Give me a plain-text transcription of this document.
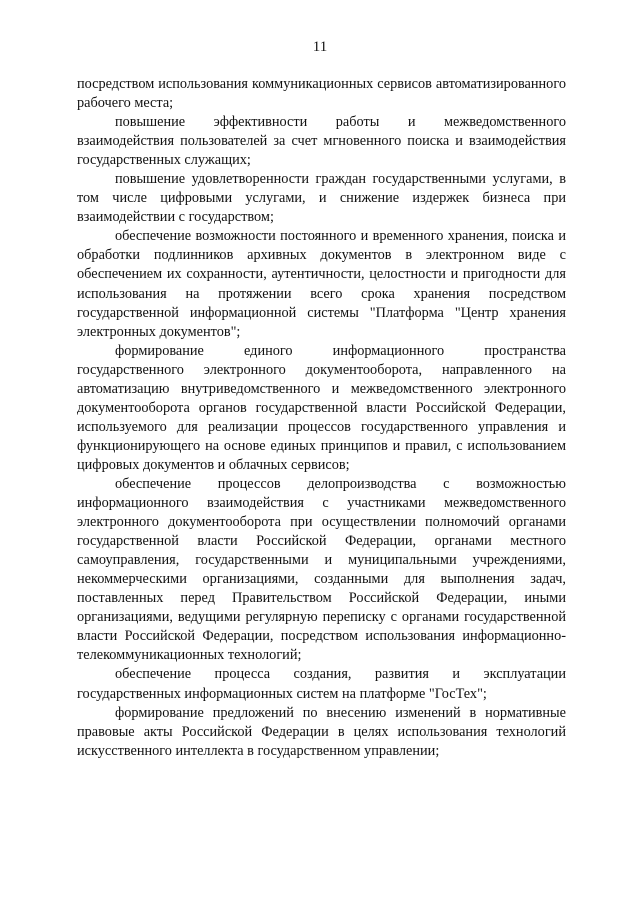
11

посредством использования коммуникационных сервисов автоматизированного рабочего места;

повышение эффективности работы и межведомственного взаимодействия пользователей за счет мгновенного поиска и взаимодействия государственных служащих;

повышение удовлетворенности граждан государственными услугами, в том числе цифровыми услугами, и снижение издержек бизнеса при взаимодействии с государством;

обеспечение возможности постоянного и временного хранения, поиска и обработки подлинников архивных документов в электронном виде с обеспечением их сохранности, аутентичности, целостности и пригодности для использования на протяжении всего срока хранения посредством государственной информационной системы "Платформа "Центр хранения электронных документов";

формирование единого информационного пространства государственного электронного документооборота, направленного на автоматизацию внутриведомственного и межведомственного электронного документооборота органов государственной власти Российской Федерации, используемого для реализации процессов государственного управления и функционирующего на основе единых принципов и правил, с использованием цифровых документов и облачных сервисов;

обеспечение процессов делопроизводства с возможностью информационного взаимодействия с участниками межведомственного электронного документооборота при осуществлении полномочий органами государственной власти Российской Федерации, органами местного самоуправления, государственными и муниципальными учреждениями, некоммерческими организациями, созданными для выполнения задач, поставленных перед Правительством Российской Федерации, иными организациями, ведущими регулярную переписку с органами государственной власти Российской Федерации, посредством использования информационно-телекоммуникационных технологий;

обеспечение процесса создания, развития и эксплуатации государственных информационных систем на платформе "ГосТех";

формирование предложений по внесению изменений в нормативные правовые акты Российской Федерации в целях использования технологий искусственного интеллекта в государственном управлении;
